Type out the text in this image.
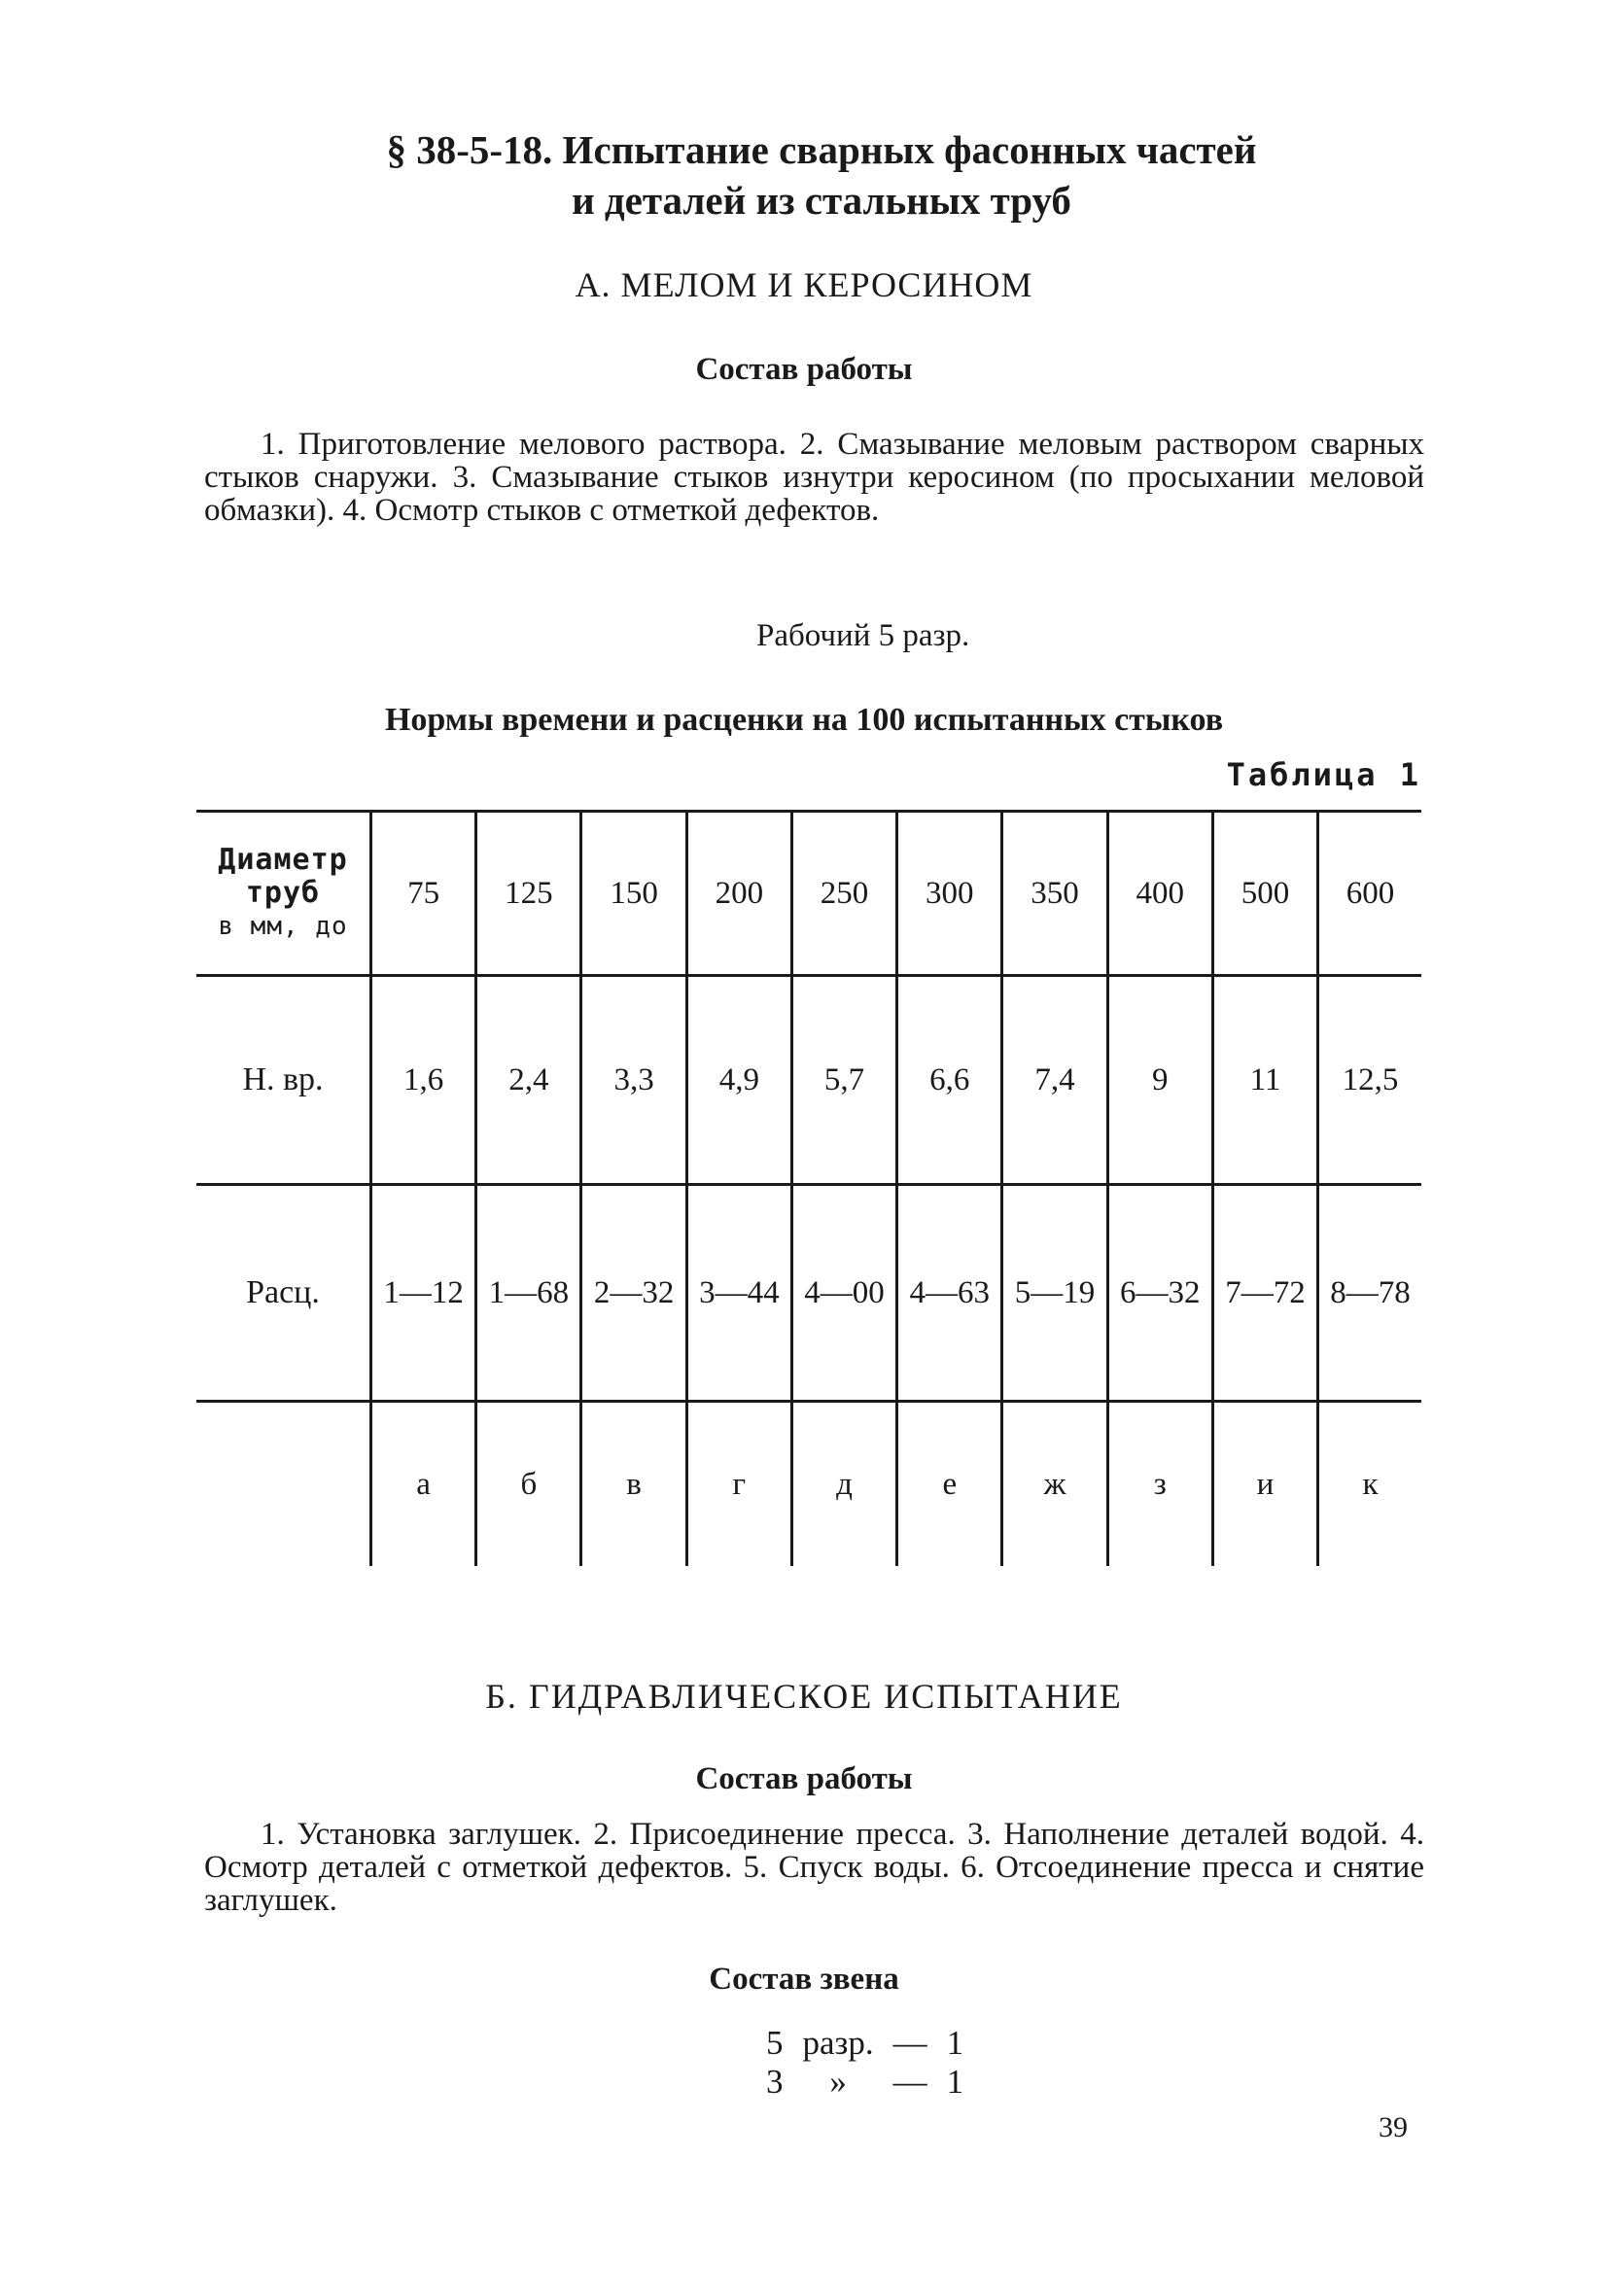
§ 38-5-18. Испытание сварных фасонных частей
и деталей из стальных труб
А. МЕЛОМ И КЕРОСИНОМ
Состав работы
1. Приготовление мелового раствора. 2. Смазывание меловым раствором сварных стыков снаружи. 3. Смазывание стыков изнутри керосином (по просыхании меловой обмазки). 4. Осмотр стыков с отметкой дефектов.
Рабочий 5 разр.
Нормы времени и расценки на 100 испытанных стыков
Таблица 1
Диаметр
труб
в мм, до	75	125	150	200	250	300	350	400	500	600
Н. вр.	1,6	2,4	3,3	4,9	5,7	6,6	7,4	9	11	12,5
Расц.	1—12	1—68	2—32	3—44	4—00	4—63	5—19	6—32	7—72	8—78
	а	б	в	г	д	е	ж	з	и	к
Б. ГИДРАВЛИЧЕСКОЕ ИСПЫТАНИЕ
Состав работы
1. Установка заглушек. 2. Присоединение пресса. 3. Наполнение деталей водой. 4. Осмотр деталей с отметкой дефектов. 5. Спуск воды. 6. Отсоединение пресса и снятие заглушек.
Состав звена
5	разр.	—	1
3	»	—	1
39
